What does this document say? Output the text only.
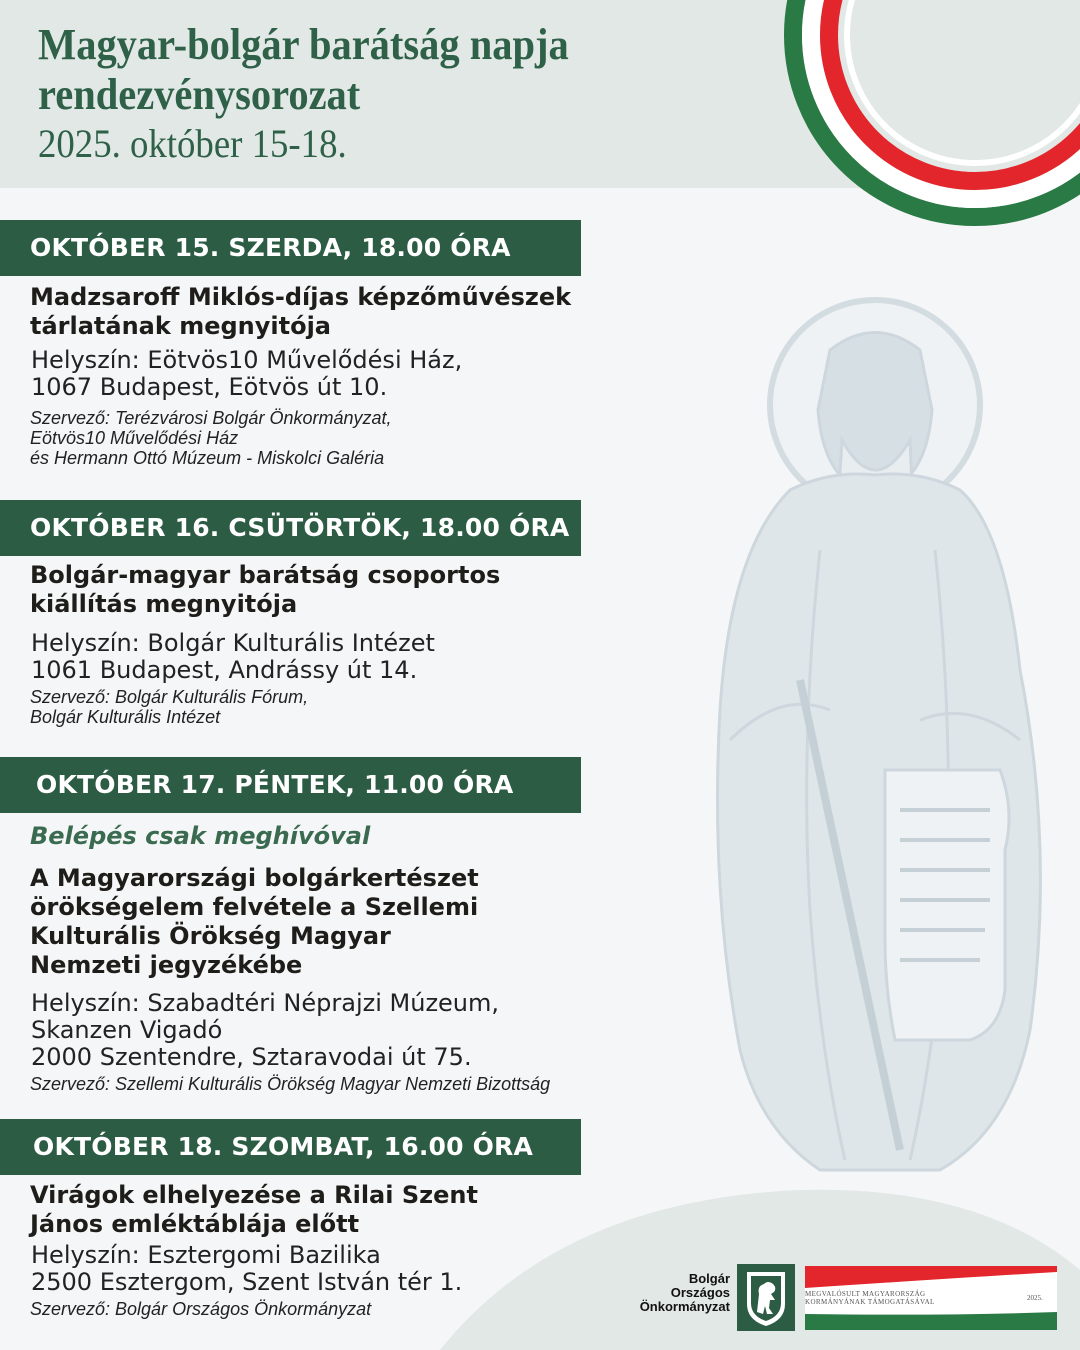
Magyar-bolgár barátság napja
rendezvénysorozat
2025. október 15-18.
OKTÓBER 15. SZERDA, 18.00 ÓRA
Madzsaroff Miklós-díjas képzőművészek
tárlatának megnyitója
Helyszín: Eötvös10 Művelődési Ház,
1067 Budapest, Eötvös út 10.
Szervező: Terézvárosi Bolgár Önkormányzat,
Eötvös10 Művelődési Ház
és Hermann Ottó Múzeum - Miskolci Galéria
OKTÓBER 16. CSÜTÖRTÖK, 18.00 ÓRA
Bolgár-magyar barátság csoportos
kiállítás megnyitója
Helyszín: Bolgár Kulturális Intézet
1061 Budapest, Andrássy út 14.
Szervező: Bolgár Kulturális Fórum,
Bolgár Kulturális Intézet
OKTÓBER 17. PÉNTEK, 11.00 ÓRA
Belépés csak meghívóval
A Magyarországi bolgárkertészet
örökségelem felvétele a Szellemi
Kulturális Örökség Magyar
Nemzeti jegyzékébe
Helyszín: Szabadtéri Néprajzi Múzeum,
Skanzen Vigadó
2000 Szentendre, Sztaravodai út 75.
Szervező: Szellemi Kulturális Örökség Magyar Nemzeti Bizottság
OKTÓBER 18. SZOMBAT, 16.00 ÓRA
Virágok elhelyezése a Rilai Szent
János emléktáblája előtt
Helyszín: Esztergomi Bazilika
2500 Esztergom, Szent István tér 1.
Szervező: Bolgár Országos Önkormányzat
Bolgár
Országos
Önkormányzat
MEGVALÓSULT MAGYARORSZÁG
KORMÁNYÁNAK TÁMOGATÁSÁVAL	2025.
